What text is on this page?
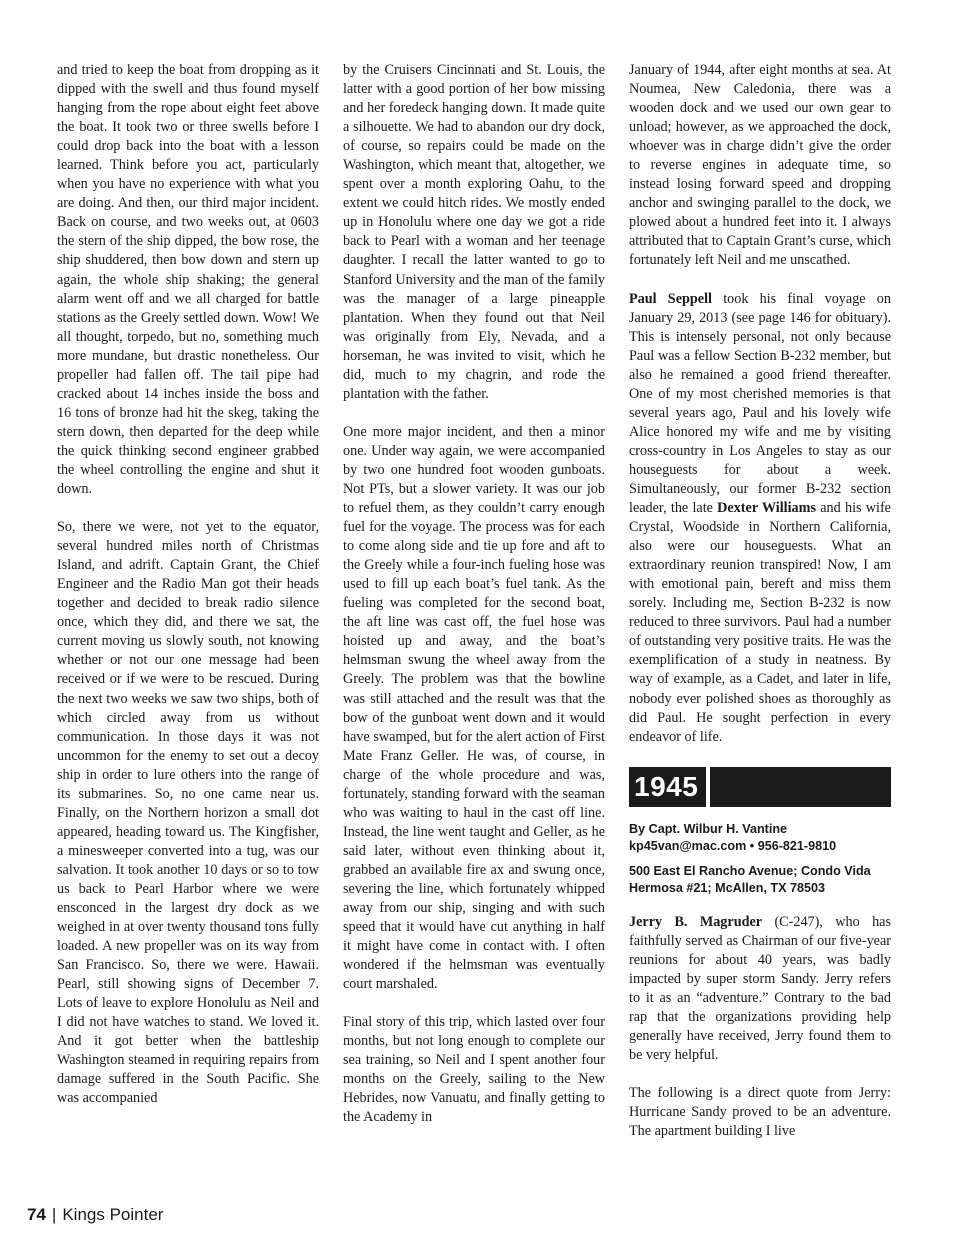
and tried to keep the boat from dropping as it dipped with the swell and thus found myself hanging from the rope about eight feet above the boat. It took two or three swells before I could drop back into the boat with a lesson learned. Think before you act, particularly when you have no experience with what you are doing. And then, our third major incident. Back on course, and two weeks out, at 0603 the stern of the ship dipped, the bow rose, the ship shuddered, then bow down and stern up again, the whole ship shaking; the general alarm went off and we all charged for battle stations as the Greely settled down. Wow! We all thought, torpedo, but no, something much more mundane, but drastic nonetheless. Our propeller had fallen off. The tail pipe had cracked about 14 inches inside the boss and 16 tons of bronze had hit the skeg, taking the stern down, then departed for the deep while the quick thinking second engineer grabbed the wheel controlling the engine and shut it down.

So, there we were, not yet to the equator, several hundred miles north of Christmas Island, and adrift. Captain Grant, the Chief Engineer and the Radio Man got their heads together and decided to break radio silence once, which they did, and there we sat, the current moving us slowly south, not knowing whether or not our one message had been received or if we were to be rescued. During the next two weeks we saw two ships, both of which circled away from us without communication. In those days it was not uncommon for the enemy to set out a decoy ship in order to lure others into the range of its submarines. So, no one came near us. Finally, on the Northern horizon a small dot appeared, heading toward us. The Kingfisher, a minesweeper converted into a tug, was our salvation. It took another 10 days or so to tow us back to Pearl Harbor where we were ensconced in the largest dry dock as we weighed in at over twenty thousand tons fully loaded. A new propeller was on its way from San Francisco. So, there we were. Hawaii. Pearl, still showing signs of December 7. Lots of leave to explore Honolulu as Neil and I did not have watches to stand. We loved it. And it got better when the battleship Washington steamed in requiring repairs from damage suffered in the South Pacific. She was accompanied

by the Cruisers Cincinnati and St. Louis, the latter with a good portion of her bow missing and her foredeck hanging down. It made quite a silhouette. We had to abandon our dry dock, of course, so repairs could be made on the Washington, which meant that, altogether, we spent over a month exploring Oahu, to the extent we could hitch rides. We mostly ended up in Honolulu where one day we got a ride back to Pearl with a woman and her teenage daughter. I recall the latter wanted to go to Stanford University and the man of the family was the manager of a large pineapple plantation. When they found out that Neil was originally from Ely, Nevada, and a horseman, he was invited to visit, which he did, much to my chagrin, and rode the plantation with the father.

One more major incident, and then a minor one. Under way again, we were accompanied by two one hundred foot wooden gunboats. Not PTs, but a slower variety. It was our job to refuel them, as they couldn’t carry enough fuel for the voyage. The process was for each to come along side and tie up fore and aft to the Greely while a four-inch fueling hose was used to fill up each boat’s fuel tank. As the fueling was completed for the second boat, the aft line was cast off, the fuel hose was hoisted up and away, and the boat’s helmsman swung the wheel away from the Greely. The problem was that the bowline was still attached and the result was that the bow of the gunboat went down and it would have swamped, but for the alert action of First Mate Franz Geller. He was, of course, in charge of the whole procedure and was, fortunately, standing forward with the seaman who was waiting to haul in the cast off line. Instead, the line went taught and Geller, as he said later, without even thinking about it, grabbed an available fire ax and swung once, severing the line, which fortunately whipped away from our ship, singing and with such speed that it would have cut anything in half it might have come in contact with. I often wondered if the helmsman was eventually court marshaled.

Final story of this trip, which lasted over four months, but not long enough to complete our sea training, so Neil and I spent another four months on the Greely, sailing to the New Hebrides, now Vanuatu, and finally getting to the Academy in

January of 1944, after eight months at sea. At Noumea, New Caledonia, there was a wooden dock and we used our own gear to unload; however, as we approached the dock, whoever was in charge didn’t give the order to reverse engines in adequate time, so instead losing forward speed and dropping anchor and swinging parallel to the dock, we plowed about a hundred feet into it. I always attributed that to Captain Grant’s curse, which fortunately left Neil and me unscathed.

Paul Seppell took his final voyage on January 29, 2013 (see page 146 for obituary). This is intensely personal, not only because Paul was a fellow Section B-232 member, but also he remained a good friend thereafter. One of my most cherished memories is that several years ago, Paul and his lovely wife Alice honored my wife and me by visiting cross-country in Los Angeles to stay as our houseguests for about a week. Simultaneously, our former B-232 section leader, the late Dexter Williams and his wife Crystal, Woodside in Northern California, also were our houseguests. What an extraordinary reunion transpired! Now, I am with emotional pain, bereft and miss them sorely. Including me, Section B-232 is now reduced to three survivors. Paul had a number of outstanding very positive traits. He was the exemplification of a study in neatness. By way of example, as a Cadet, and later in life, nobody ever polished shoes as thoroughly as did Paul. He sought perfection in every endeavor of life.

1945
By Capt. Wilbur H. Vantine
kp45van@mac.com • 956-821-9810
500 East El Rancho Avenue; Condo Vida
Hermosa #21; McAllen, TX 78503

Jerry B. Magruder (C-247), who has faithfully served as Chairman of our five-year reunions for about 40 years, was badly impacted by super storm Sandy. Jerry refers to it as an “adventure.” Contrary to the bad rap that the organizations providing help generally have received, Jerry found them to be very helpful.

The following is a direct quote from Jerry: Hurricane Sandy proved to be an adventure. The apartment building I live

74 | Kings Pointer
